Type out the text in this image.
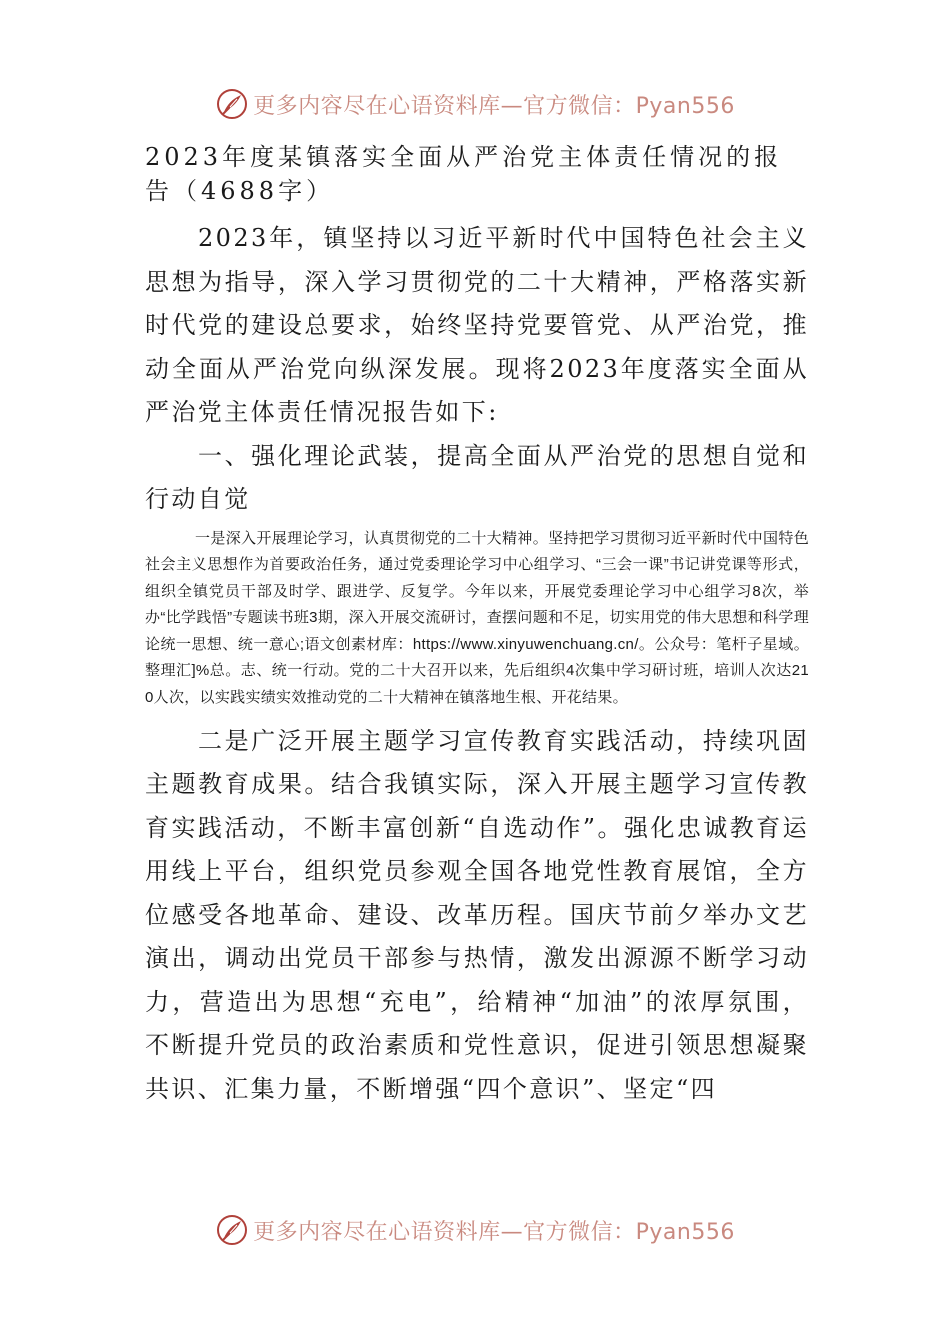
更多内容尽在心语资料库—官方微信：Pyan556
2023年度某镇落实全面从严治党主体责任情况的报告（4688字）

2023年，镇坚持以习近平新时代中国特色社会主义思想为指导，深入学习贯彻党的二十大精神，严格落实新时代党的建设总要求，始终坚持党要管党、从严治党，推动全面从严治党向纵深发展。现将2023年度落实全面从严治党主体责任情况报告如下:

一、强化理论武装，提高全面从严治党的思想自觉和行动自觉

一是深入开展理论学习，认真贯彻党的二十大精神。坚持把学习贯彻习近平新时代中国特色社会主义思想作为首要政治任务，通过党委理论学习中心组学习、“三会一课”书记讲党课等形式，组织全镇党员干部及时学、跟进学、反复学。今年以来，开展党委理论学习中心组学习8次，举办“比学践悟”专题读书班3期，深入开展交流研讨，查摆问题和不足，切实用党的伟大思想和科学理论统一思想、统一意心;语文创素材库：https://www.xinyuwenchuang.cn/。公众号：笔杆子星域。整理汇]%总。志、统一行动。党的二十大召开以来，先后组织4次集中学习研讨班，培训人次达210人次，以实践实绩实效推动党的二十大精神在镇落地生根、开花结果。

二是广泛开展主题学习宣传教育实践活动，持续巩固主题教育成果。结合我镇实际，深入开展主题学习宣传教育实践活动，不断丰富创新“自选动作”。强化忠诚教育运用线上平台，组织党员参观全国各地党性教育展馆，全方位感受各地革命、建设、改革历程。国庆节前夕举办文艺演出，调动出党员干部参与热情，激发出源源不断学习动力，营造出为思想“充电”，给精神“加油”的浓厚氛围，不断提升党员的政治素质和党性意识，促进引领思想凝聚共识、汇集力量，不断增强“四个意识”、坚定“四

更多内容尽在心语资料库—官方微信：Pyan556
